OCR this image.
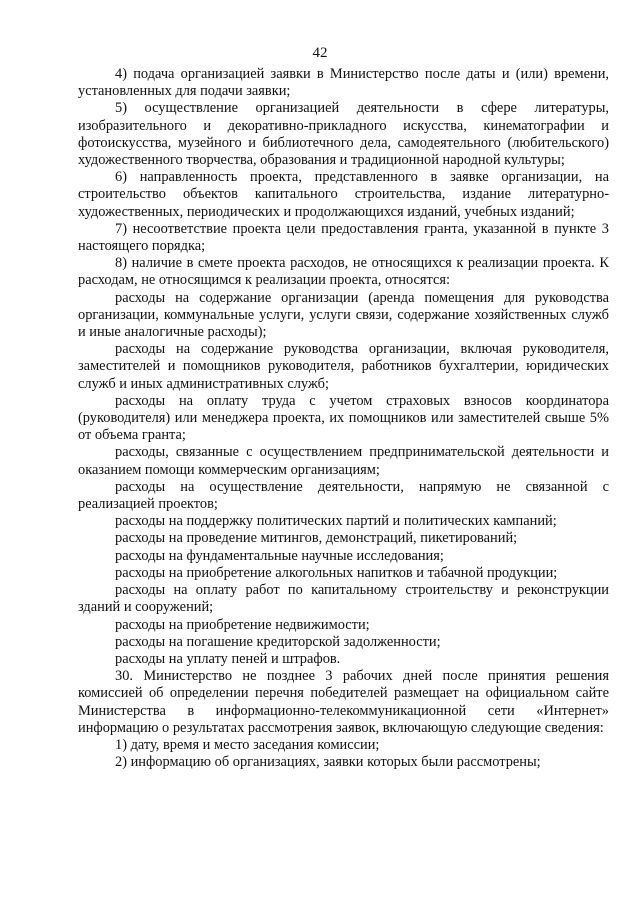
42

4) подача организацией заявки в Министерство после даты и (или) времени, установленных для подачи заявки;

5) осуществление организацией деятельности в сфере литературы, изобразительного и декоративно-прикладного искусства, кинематографии и фотоискусства, музейного и библиотечного дела, самодеятельного (любительского) художественного творчества, образования и традиционной народной культуры;

6) направленность проекта, представленного в заявке организации, на строительство объектов капитального строительства, издание литературно-художественных, периодических и продолжающихся изданий, учебных изданий;

7) несоответствие проекта цели предоставления гранта, указанной в пункте 3 настоящего порядка;

8) наличие в смете проекта расходов, не относящихся к реализации проекта. К расходам, не относящимся к реализации проекта, относятся:

расходы на содержание организации (аренда помещения для руководства организации, коммунальные услуги, услуги связи, содержание хозяйственных служб и иные аналогичные расходы);

расходы на содержание руководства организации, включая руководителя, заместителей и помощников руководителя, работников бухгалтерии, юридических служб и иных административных служб;

расходы на оплату труда с учетом страховых взносов координатора (руководителя) или менеджера проекта, их помощников или заместителей свыше 5% от объема гранта;

расходы, связанные с осуществлением предпринимательской деятельности и оказанием помощи коммерческим организациям;

расходы на осуществление деятельности, напрямую не связанной с реализацией проектов;

расходы на поддержку политических партий и политических кампаний;

расходы на проведение митингов, демонстраций, пикетирований;

расходы на фундаментальные научные исследования;

расходы на приобретение алкогольных напитков и табачной продукции;

расходы на оплату работ по капитальному строительству и реконструкции зданий и сооружений;

расходы на приобретение недвижимости;

расходы на погашение кредиторской задолженности;

расходы на уплату пеней и штрафов.

30. Министерство не позднее 3 рабочих дней после принятия решения комиссией об определении перечня победителей размещает на официальном сайте Министерства в информационно-телекоммуникационной сети «Интернет» информацию о результатах рассмотрения заявок, включающую следующие сведения:

1) дату, время и место заседания комиссии;

2) информацию об организациях, заявки которых были рассмотрены;
